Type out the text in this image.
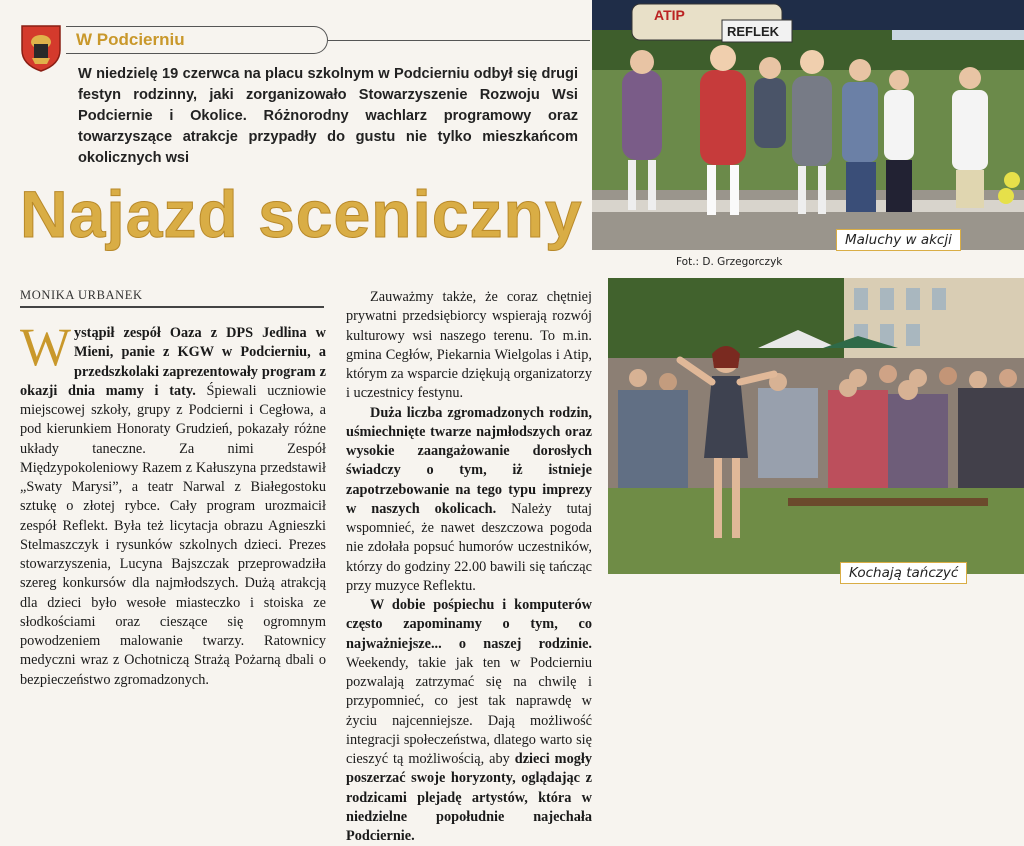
W Podcierniu
W niedzielę 19 czerwca na placu szkolnym w Podcierniu odbył się drugi festyn rodzinny, jaki zorganizowało Stowarzyszenie Rozwoju Wsi Podciernie i Okolice. Różnorodny wachlarz programowy oraz towarzyszące atrakcje przypadły do gustu nie tylko mieszkańcom okolicznych wsi
Najazd sceniczny
ATIP
REFLEK
Maluchy w akcji
Fot.: D. Grzegorczyk
Kochają tańczyć
MONIKA URBANEK

Wystąpił zespół Oaza z DPS Jedlina w Mieni, panie z KGW w Podcierniu, a przedszkolaki zaprezentowały program z okazji dnia mamy i taty. Śpiewali uczniowie miejscowej szkoły, grupy z Podcierni i Cegłowa, a pod kierunkiem Honoraty Grudzień, pokazały różne układy taneczne. Za nimi Zespół Międzypokoleniowy Razem z Kałuszyna przedstawił „Swaty Marysi”, a teatr Narwal z Białegostoku sztukę o złotej rybce. Cały program urozmaicił zespół Reflekt. Była też licytacja obrazu Agnieszki Stelmaszczyk i rysunków szkolnych dzieci. Prezes stowarzyszenia, Lucyna Bajszczak przeprowadziła szereg konkursów dla najmłodszych. Dużą atrakcją dla dzieci było wesołe miasteczko i stoiska ze słodkościami oraz cieszące się ogromnym powodzeniem malowanie twarzy. Ratownicy medyczni wraz z Ochotniczą Strażą Pożarną dbali o bezpieczeństwo zgromadzonych.

Zauważmy także, że coraz chętniej prywatni przedsiębiorcy wspierają rozwój kulturowy wsi naszego terenu. To m.in. gmina Cegłów, Piekarnia Wielgolas i Atip, którym za wsparcie dziękują organizatorzy i uczestnicy festynu.

Duża liczba zgromadzonych rodzin, uśmiechnięte twarze najmłodszych oraz wysokie zaangażowanie dorosłych świadczy o tym, iż istnieje zapotrzebowanie na tego typu imprezy w naszych okolicach. Należy tutaj wspomnieć, że nawet deszczowa pogoda nie zdołała popsuć humorów uczestników, którzy do godziny 22.00 bawili się tańcząc przy muzyce Reflektu.

W dobie pośpiechu i komputerów często zapominamy o tym, co najważniejsze... o naszej rodzinie. Weekendy, takie jak ten w Podcierniu pozwalają zatrzymać się na chwilę i przypomnieć, co jest tak naprawdę w życiu najcenniejsze. Dają możliwość integracji społeczeństwa, dlatego warto się cieszyć tą możliwością, aby dzieci mogły poszerzać swoje horyzonty, oglądając z rodzicami plejadę artystów, która w niedzielne popołudnie najechała Podciernie.
